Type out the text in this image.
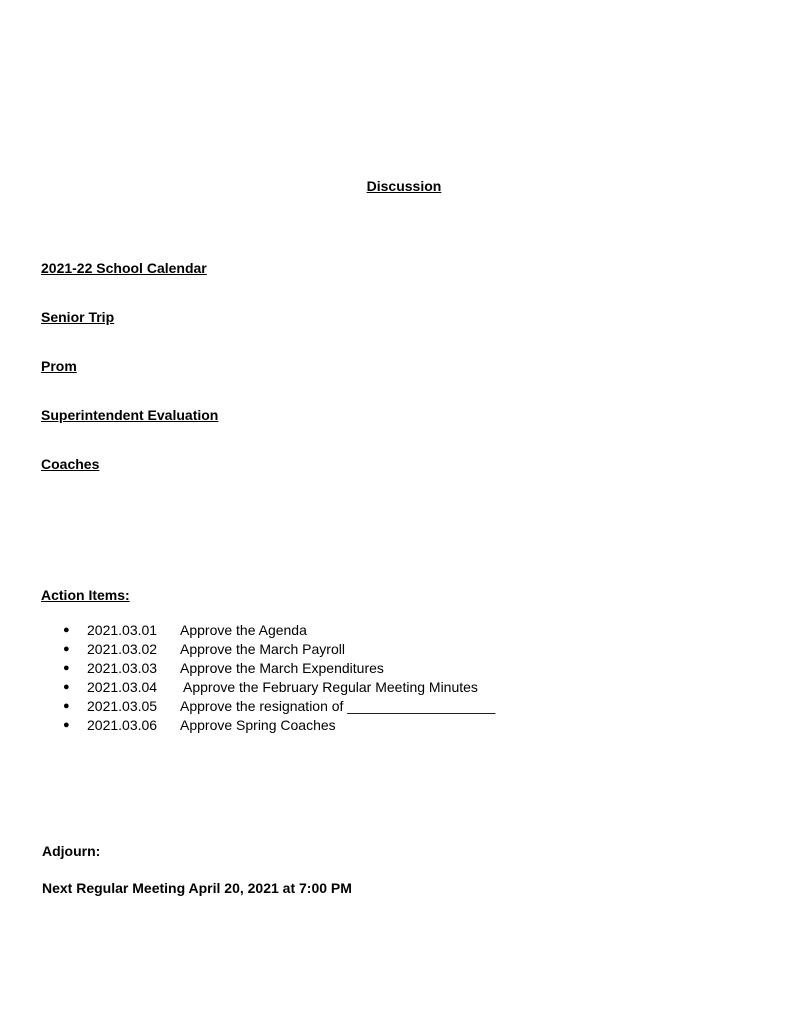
Discussion
2021-22 School Calendar
Senior Trip
Prom
Superintendent Evaluation
Coaches
Action Items:
● 2021.03.01 Approve the Agenda
● 2021.03.02 Approve the March Payroll
● 2021.03.03 Approve the March Expenditures
● 2021.03.04 Approve the February Regular Meeting Minutes
● 2021.03.05 Approve the resignation of ___________________
● 2021.03.06 Approve Spring Coaches
Adjourn:
Next Regular Meeting April 20, 2021 at 7:00 PM
